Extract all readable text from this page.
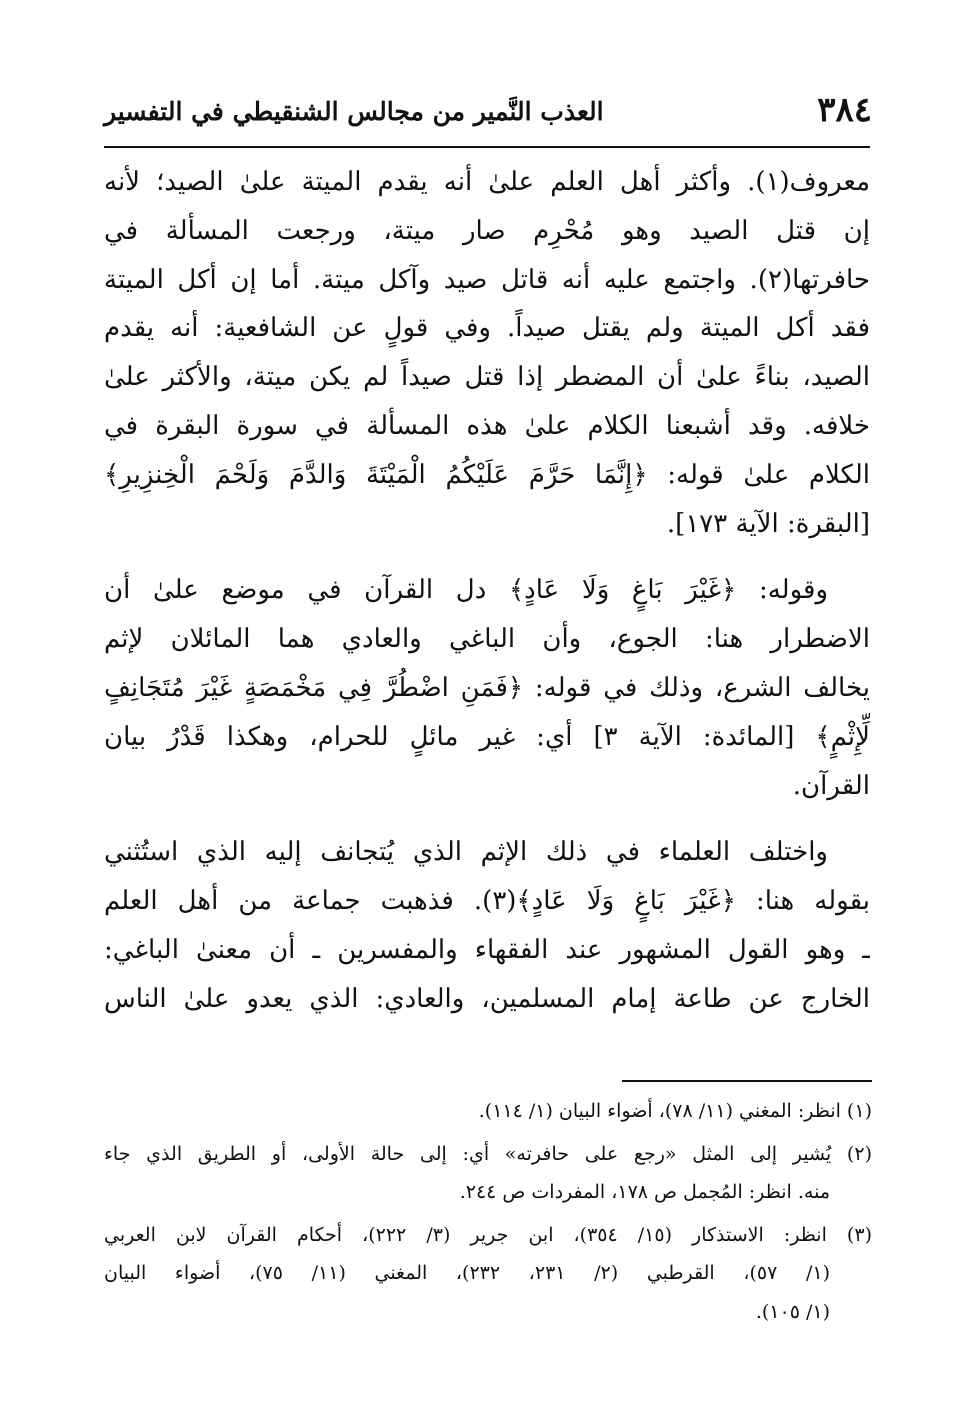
٣٨٤
العذب النَّمير من مجالس الشنقيطي في التفسير
معروف(١). وأكثر أهل العلم علىٰ أنه يقدم الميتة علىٰ الصيد؛ لأنه
إن قتل الصيد وهو مُحْرِم صار ميتة، ورجعت المسألة في
حافرتها(٢). واجتمع عليه أنه قاتل صيد وآكل ميتة. أما إن أكل الميتة
فقد أكل الميتة ولم يقتل صيداً. وفي قولٍ عن الشافعية: أنه يقدم
الصيد، بناءً علىٰ أن المضطر إذا قتل صيداً لم يكن ميتة، والأكثر علىٰ
خلافه. وقد أشبعنا الكلام علىٰ هذه المسألة في سورة البقرة في
الكلام علىٰ قوله: ﴿إِنَّمَا حَرَّمَ عَلَيْكُمُ الْمَيْتَةَ وَالدَّمَ وَلَحْمَ الْخِنزِيرِ﴾
[البقرة: الآية ١٧٣].
وقوله: ﴿غَيْرَ بَاغٍ وَلَا عَادٍ﴾ دل القرآن في موضع علىٰ أن
الاضطرار هنا: الجوع، وأن الباغي والعادي هما المائلان لإثم
يخالف الشرع، وذلك في قوله: ﴿فَمَنِ اضْطُرَّ فِي مَخْمَصَةٍ غَيْرَ مُتَجَانِفٍ
لِّإِثْمٍ﴾ [المائدة: الآية ٣] أي: غير مائلٍ للحرام، وهكذا قَدْرُ بيان
القرآن.
واختلف العلماء في ذلك الإثم الذي يُتجانف إليه الذي استُثني
بقوله هنا: ﴿غَيْرَ بَاغٍ وَلَا عَادٍ﴾(٣). فذهبت جماعة من أهل العلم
ـ وهو القول المشهور عند الفقهاء والمفسرين ـ أن معنىٰ الباغي:
الخارج عن طاعة إمام المسلمين، والعادي: الذي يعدو علىٰ الناس
(١) انظر: المغني (١١/ ٧٨)، أضواء البيان (١/ ١١٤).
(٢) يُشير إلى المثل «رجع على حافرته» أي: إلى حالة الأولى، أو الطريق الذي جاء
منه. انظر: المُجمل ص ١٧٨، المفردات ص ٢٤٤.
(٣) انظر: الاستذكار (١٥/ ٣٥٤)، ابن جرير (٣/ ٢٢٢)، أحكام القرآن لابن العربي
(١/ ٥٧)، القرطبي (٢/ ٢٣١، ٢٣٢)، المغني (١١/ ٧٥)، أضواء البيان
(١/ ١٠٥).
